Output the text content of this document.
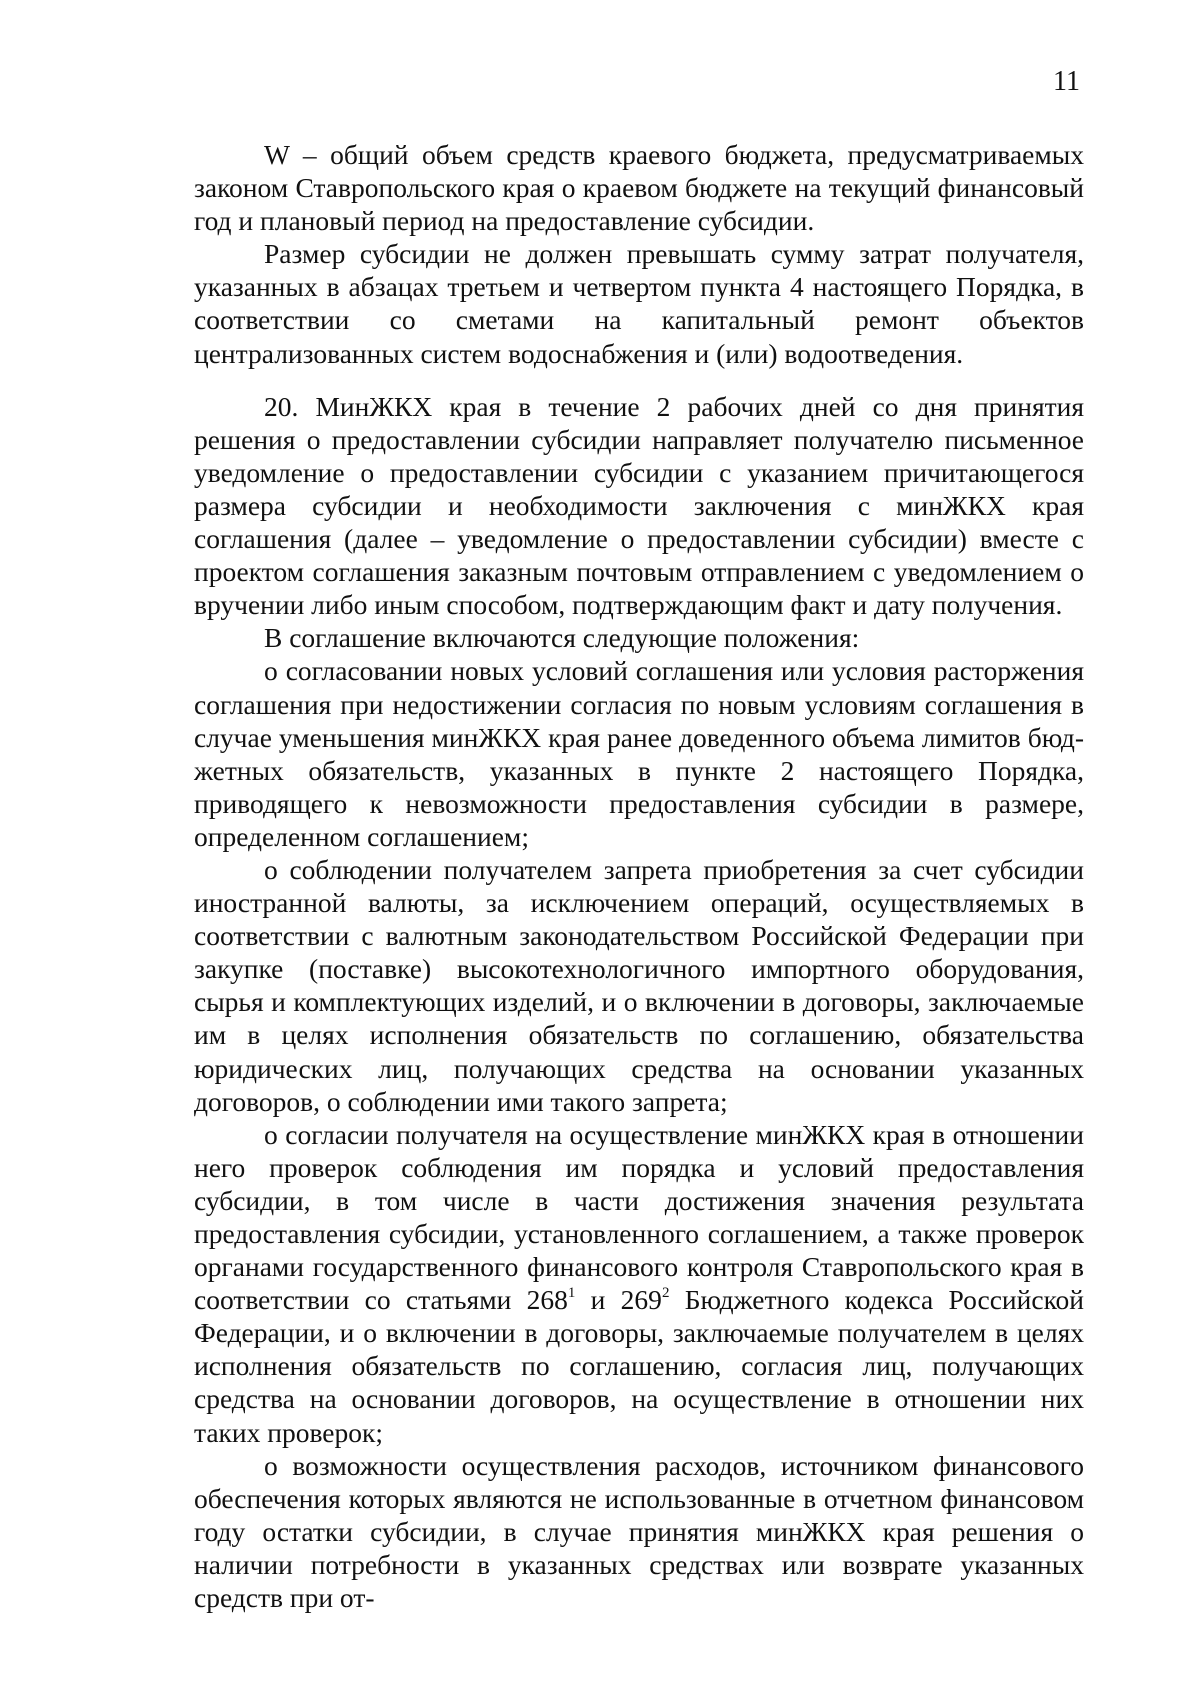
11

W – общий объем средств краевого бюджета, предусматриваемых законом Ставропольского края о краевом бюджете на текущий финансовый год и плановый период на предоставление субсидии.

Размер субсидии не должен превышать сумму затрат получателя, указанных в абзацах третьем и четвертом пункта 4 настоящего Порядка, в соответствии со сметами на капитальный ремонт объектов централизованных систем водоснабжения и (или) водоотведения.

20. МинЖКХ края в течение 2 рабочих дней со дня принятия решения о предоставлении субсидии направляет получателю письменное уведомление о предоставлении субсидии с указанием причитающегося размера субсидии и необходимости заключения с минЖКХ края соглашения (далее – уведомление о предоставлении субсидии) вместе с проектом соглашения заказным почтовым отправлением с уведомлением о вручении либо иным способом, подтверждающим факт и дату получения.

В соглашение включаются следующие положения:

о согласовании новых условий соглашения или условия расторжения соглашения при недостижении согласия по новым условиям соглашения в случае уменьшения минЖКХ края ранее доведенного объема лимитов бюджетных обязательств, указанных в пункте 2 настоящего Порядка, приводящего к невозможности предоставления субсидии в размере, определенном соглашением;

о соблюдении получателем запрета приобретения за счет субсидии иностранной валюты, за исключением операций, осуществляемых в соответствии с валютным законодательством Российской Федерации при закупке (поставке) высокотехнологичного импортного оборудования, сырья и комплектующих изделий, и о включении в договоры, заключаемые им в целях исполнения обязательств по соглашению, обязательства юридических лиц, получающих средства на основании указанных договоров, о соблюдении ими такого запрета;

о согласии получателя на осуществление минЖКХ края в отношении него проверок соблюдения им порядка и условий предоставления субсидии, в том числе в части достижения значения результата предоставления субсидии, установленного соглашением, а также проверок органами государственного финансового контроля Ставропольского края в соответствии со статьями $268^1$ и $269^2$ Бюджетного кодекса Российской Федерации, и о включении в договоры, заключаемые получателем в целях исполнения обязательств по соглашению, согласия лиц, получающих средства на основании договоров, на осуществление в отношении них таких проверок;

о возможности осуществления расходов, источником финансового обеспечения которых являются не использованные в отчетном финансовом году остатки субсидии, в случае принятия минЖКХ края решения о наличии потребности в указанных средствах или возврате указанных средств при от-
